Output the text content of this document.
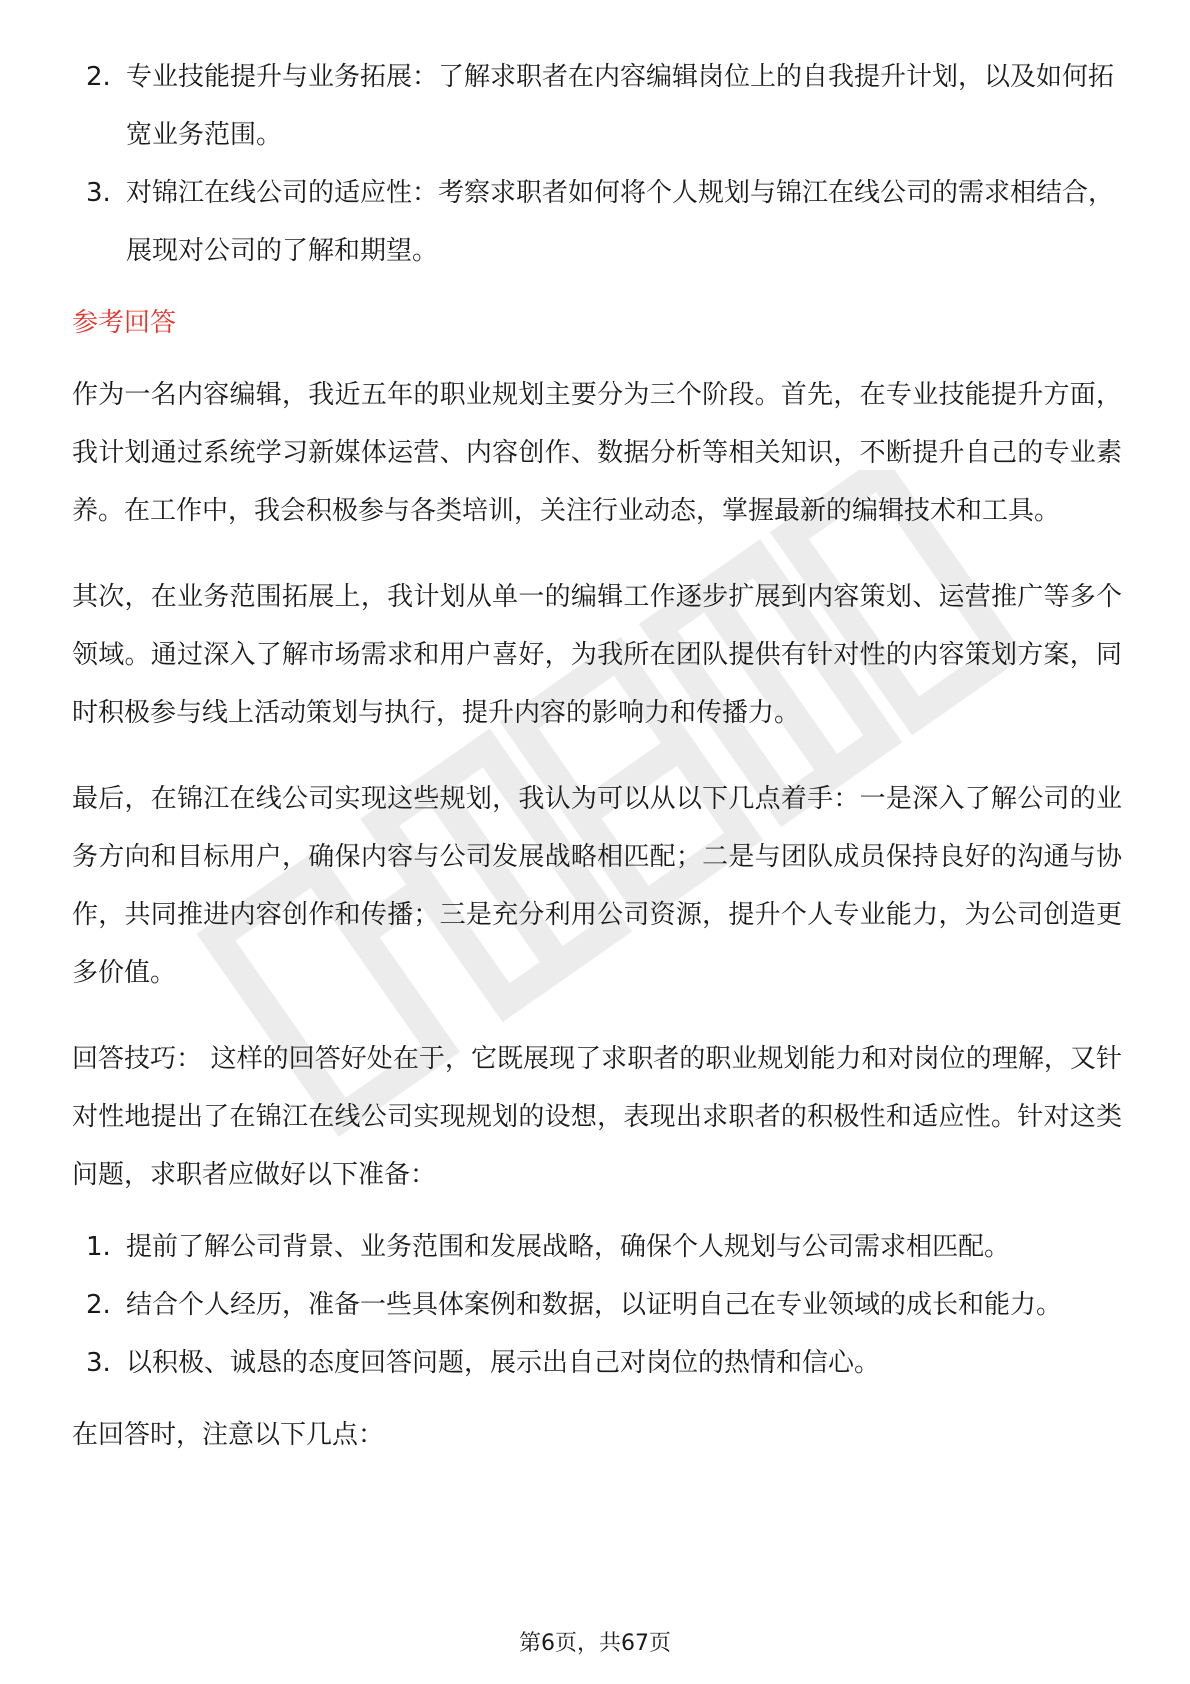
2. 专业技能提升与业务拓展：了解求职者在内容编辑岗位上的自我提升计划，以及如何拓宽业务范围。
3. 对锦江在线公司的适应性：考察求职者如何将个人规划与锦江在线公司的需求相结合，展现对公司的了解和期望。
参考回答

作为一名内容编辑，我近五年的职业规划主要分为三个阶段。首先，在专业技能提升方面，我计划通过系统学习新媒体运营、内容创作、数据分析等相关知识，不断提升自己的专业素养。在工作中，我会积极参与各类培训，关注行业动态，掌握最新的编辑技术和工具。

其次，在业务范围拓展上，我计划从单一的编辑工作逐步扩展到内容策划、运营推广等多个领域。通过深入了解市场需求和用户喜好，为我所在团队提供有针对性的内容策划方案，同时积极参与线上活动策划与执行，提升内容的影响力和传播力。

最后，在锦江在线公司实现这些规划，我认为可以从以下几点着手：一是深入了解公司的业务方向和目标用户，确保内容与公司发展战略相匹配；二是与团队成员保持良好的沟通与协作，共同推进内容创作和传播；三是充分利用公司资源，提升个人专业能力，为公司创造更多价值。

回答技巧： 这样的回答好处在于，它既展现了求职者的职业规划能力和对岗位的理解，又针对性地提出了在锦江在线公司实现规划的设想，表现出求职者的积极性和适应性。针对这类问题，求职者应做好以下准备：

1. 提前了解公司背景、业务范围和发展战略，确保个人规划与公司需求相匹配。
2. 结合个人经历，准备一些具体案例和数据，以证明自己在专业领域的成长和能力。
3. 以积极、诚恳的态度回答问题，展示出自己对岗位的热情和信心。

在回答时，注意以下几点：

第6页，共67页
